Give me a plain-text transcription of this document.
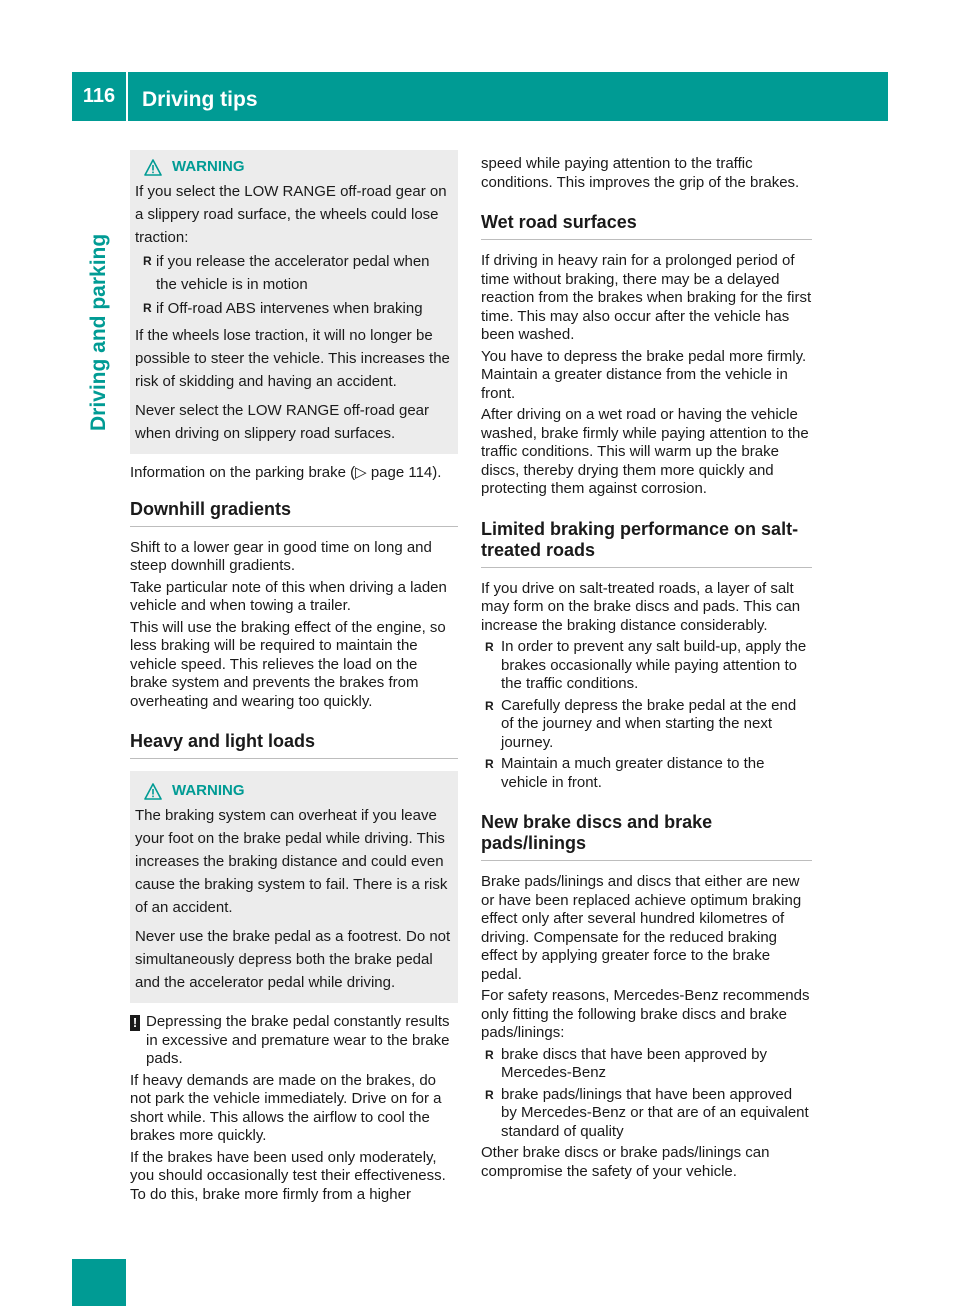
116	Driving tips
Driving and parking
WARNING

If you select the LOW RANGE off-road gear on a slippery road surface, the wheels could lose traction:

R if you release the accelerator pedal when the vehicle is in motion

R if Off-road ABS intervenes when braking

If the wheels lose traction, it will no longer be possible to steer the vehicle. This increases the risk of skidding and having an accident.

Never select the LOW RANGE off-road gear when driving on slippery road surfaces.

Information on the parking brake (▷ page 114).

Downhill gradients

Shift to a lower gear in good time on long and steep downhill gradients.

Take particular note of this when driving a laden vehicle and when towing a trailer.

This will use the braking effect of the engine, so less braking will be required to maintain the vehicle speed. This relieves the load on the brake system and prevents the brakes from overheating and wearing too quickly.

Heavy and light loads
WARNING

The braking system can overheat if you leave your foot on the brake pedal while driving. This increases the braking distance and could even cause the braking system to fail. There is a risk of an accident.

Never use the brake pedal as a footrest. Do not simultaneously depress both the brake pedal and the accelerator pedal while driving.

! Depressing the brake pedal constantly results in excessive and premature wear to the brake pads.

If heavy demands are made on the brakes, do not park the vehicle immediately. Drive on for a short while. This allows the airflow to cool the brakes more quickly.

If the brakes have been used only moderately, you should occasionally test their effectiveness. To do this, brake more firmly from a higher

speed while paying attention to the traffic conditions. This improves the grip of the brakes.

Wet road surfaces

If driving in heavy rain for a prolonged period of time without braking, there may be a delayed reaction from the brakes when braking for the first time. This may also occur after the vehicle has been washed.

You have to depress the brake pedal more firmly. Maintain a greater distance from the vehicle in front.

After driving on a wet road or having the vehicle washed, brake firmly while paying attention to the traffic conditions. This will warm up the brake discs, thereby drying them more quickly and protecting them against corrosion.

Limited braking performance on salt-treated roads

If you drive on salt-treated roads, a layer of salt may form on the brake discs and pads. This can increase the braking distance considerably.

R In order to prevent any salt build-up, apply the brakes occasionally while paying attention to the traffic conditions.

R Carefully depress the brake pedal at the end of the journey and when starting the next journey.

R Maintain a much greater distance to the vehicle in front.

New brake discs and brake pads/linings

Brake pads/linings and discs that either are new or have been replaced achieve optimum braking effect only after several hundred kilometres of driving. Compensate for the reduced braking effect by applying greater force to the brake pedal.

For safety reasons, Mercedes-Benz recommends only fitting the following brake discs and brake pads/linings:

R brake discs that have been approved by Mercedes-Benz

R brake pads/linings that have been approved by Mercedes-Benz or that are of an equivalent standard of quality

Other brake discs or brake pads/linings can compromise the safety of your vehicle.
